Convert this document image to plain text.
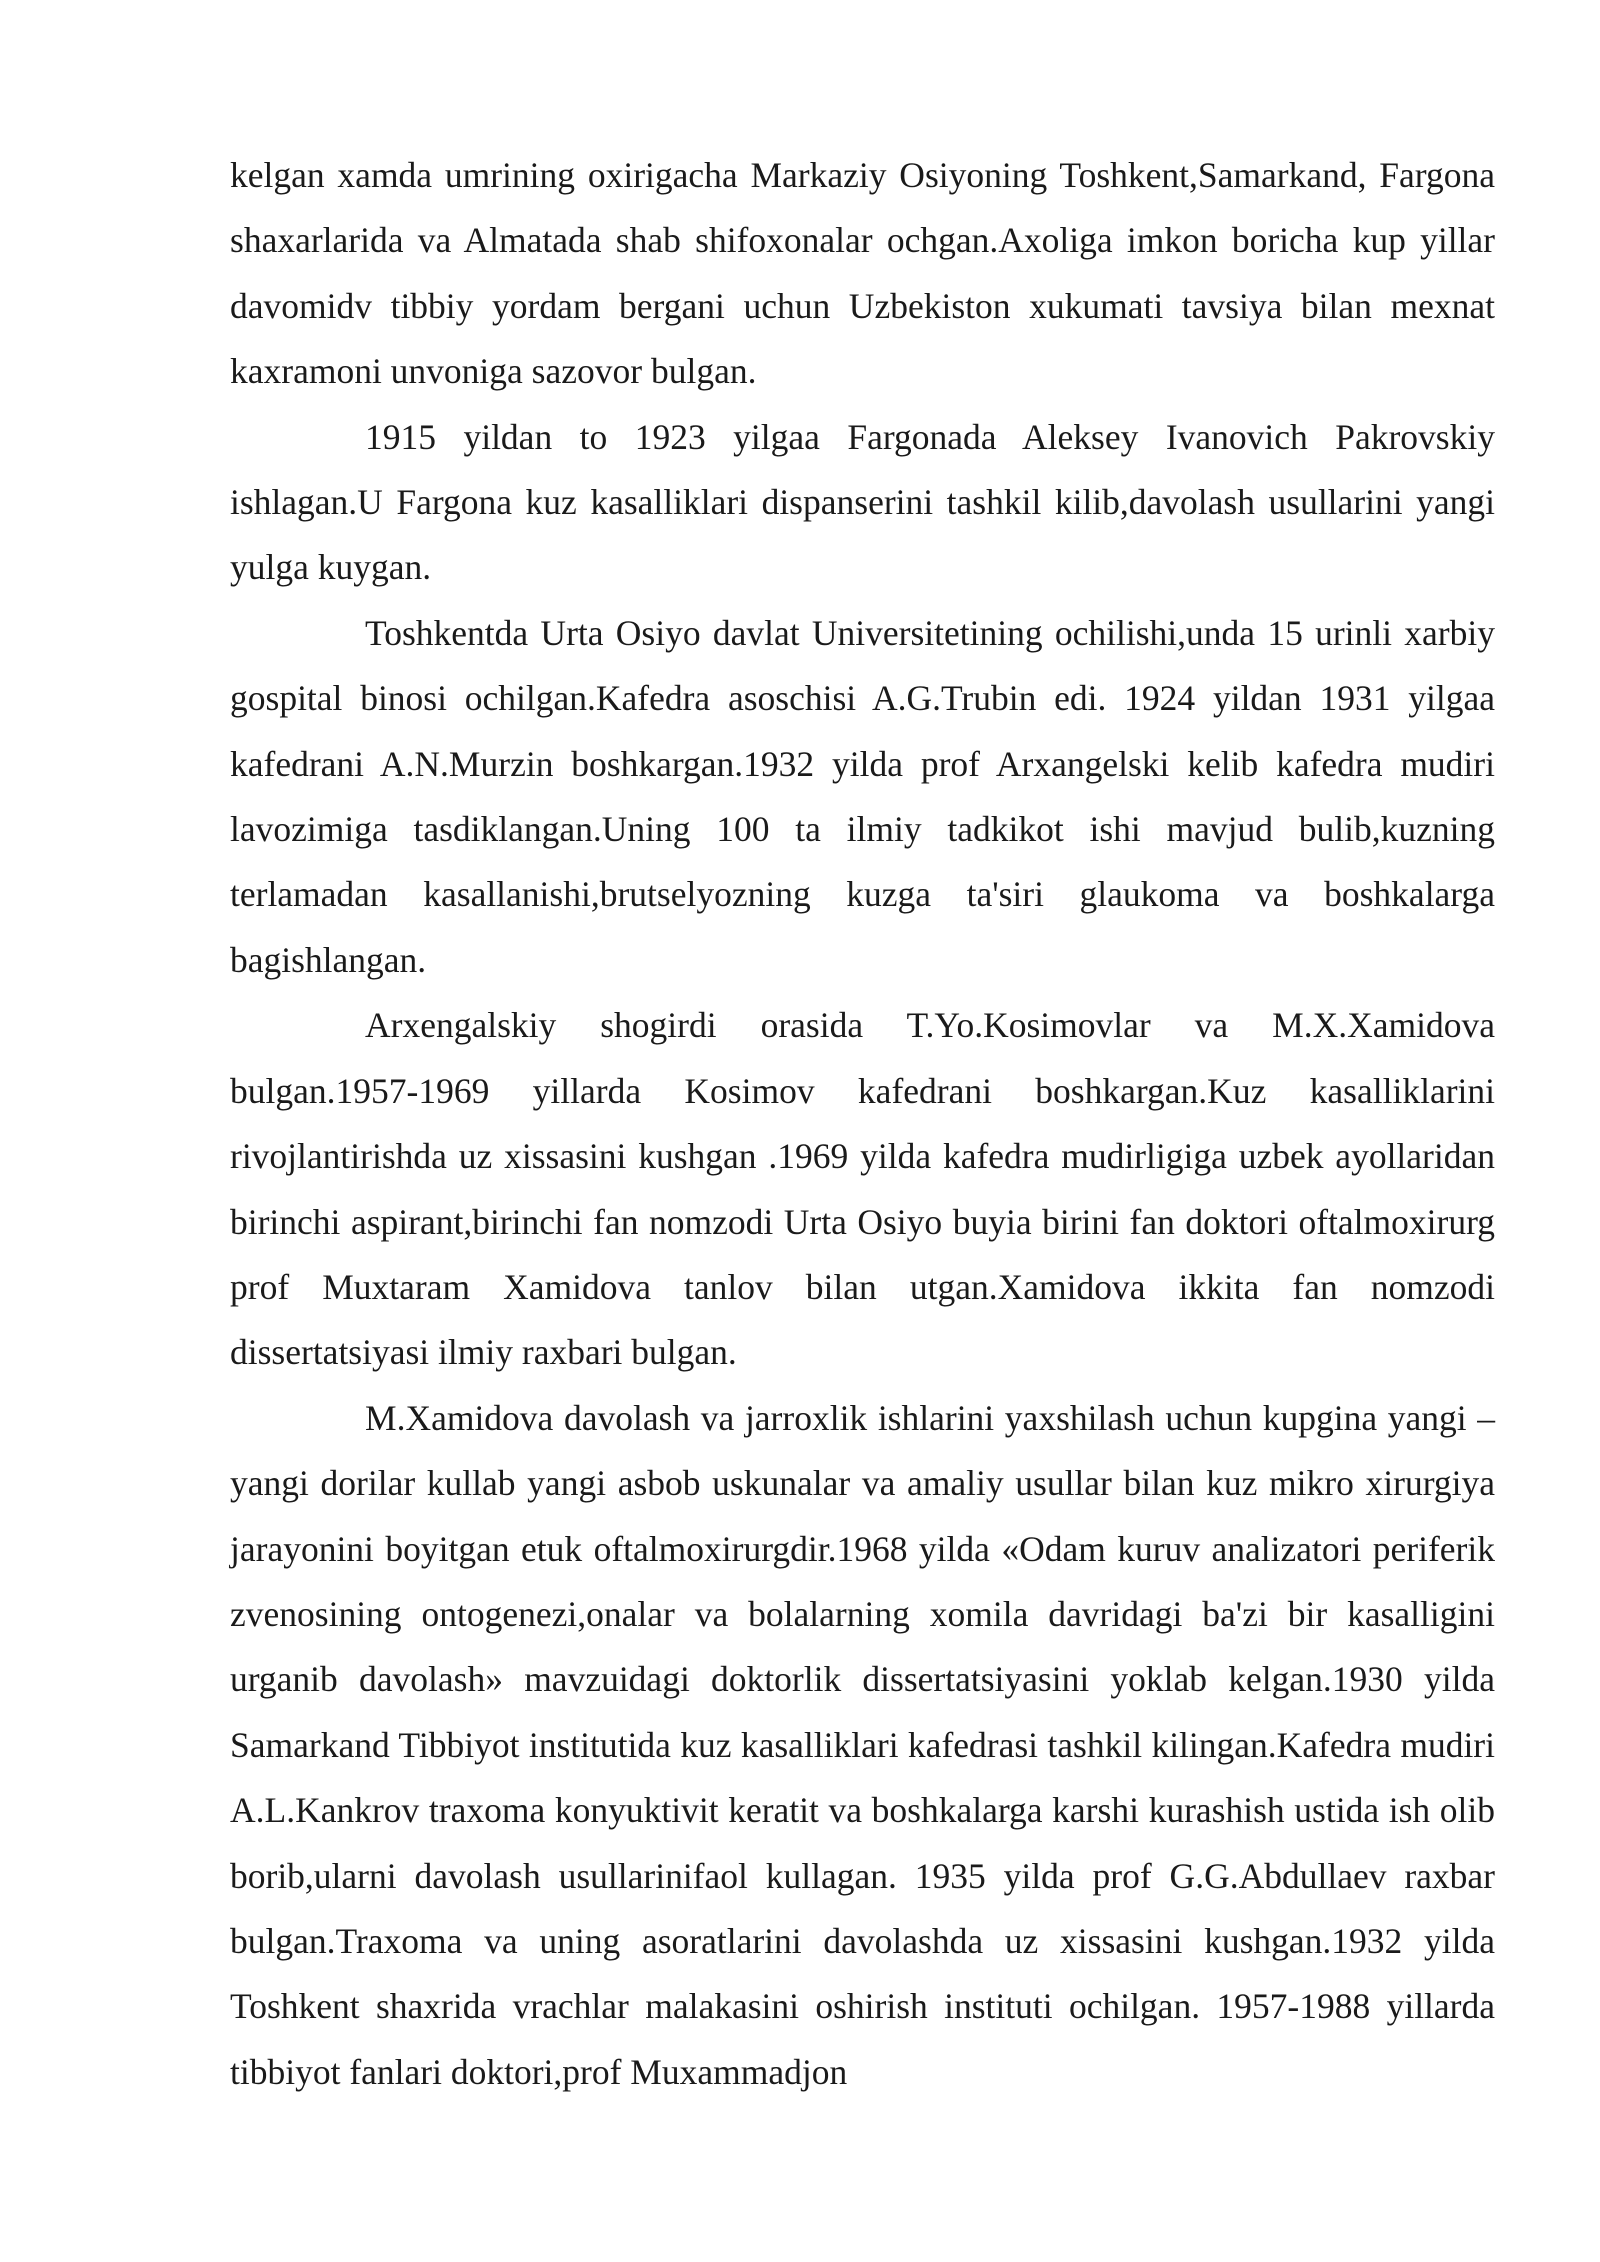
kelgan xamda umrining oxirigacha Markaziy Osiyoning Toshkent,Samarkand, Fargona shaxarlarida va Almatada shab shifoxonalar ochgan.Axoliga imkon boricha kup yillar davomidv tibbiy yordam bergani uchun Uzbekiston xukumati tavsiya bilan mexnat kaxramoni unvoniga sazovor bulgan.

1915 yildan to 1923 yilgaa Fargonada Aleksey Ivanovich Pakrovskiy ishlagan.U Fargona kuz kasalliklari dispanserini tashkil kilib,davolash usullarini yangi yulga kuygan.

Toshkentda Urta Osiyo davlat Universitetining ochilishi,unda 15 urinli xarbiy gospital binosi ochilgan.Kafedra asoschisi A.G.Trubin edi. 1924 yildan 1931 yilgaa kafedrani A.N.Murzin boshkargan.1932 yilda prof Arxangelski kelib kafedra mudiri lavozimiga tasdiklangan.Uning 100 ta ilmiy tadkikot ishi mavjud bulib,kuzning terlamadan kasallanishi,brutselyozning kuzga ta'siri glaukoma va boshkalarga bagishlangan.

Arxengalskiy shogirdi orasida T.Yo.Kosimovlar va M.X.Xamidova bulgan.1957-1969 yillarda Kosimov kafedrani boshkargan.Kuz kasalliklarini rivojlantirishda uz xissasini kushgan .1969 yilda kafedra mudirligiga uzbek ayollaridan birinchi aspirant,birinchi fan nomzodi Urta Osiyo buyia birini fan doktori oftalmoxirurg prof Muxtaram Xamidova tanlov bilan utgan.Xamidova ikkita fan nomzodi dissertatsiyasi ilmiy raxbari bulgan.

M.Xamidova davolash va jarroxlik ishlarini yaxshilash uchun kupgina yangi –yangi dorilar kullab yangi asbob uskunalar va amaliy usullar bilan kuz mikro xirurgiya jarayonini boyitgan etuk oftalmoxirurgdir.1968 yilda «Odam kuruv analizatori periferik zvenosining ontogenezi,onalar va bolalarning xomila davridagi ba'zi bir kasalligini urganib davolash» mavzuidagi doktorlik dissertatsiyasini yoklab kelgan.1930 yilda Samarkand Tibbiyot institutida kuz kasalliklari kafedrasi tashkil kilingan.Kafedra mudiri A.L.Kankrov traxoma konyuktivit keratit va boshkalarga karshi kurashish ustida ish olib borib,ularni davolash usullarinifaol kullagan. 1935 yilda prof G.G.Abdullaev raxbar bulgan.Traxoma va uning asoratlarini davolashda uz xissasini kushgan.1932 yilda Toshkent shaxrida vrachlar malakasini oshirish instituti ochilgan. 1957-1988 yillarda tibbiyot fanlari doktori,prof Muxammadjon
